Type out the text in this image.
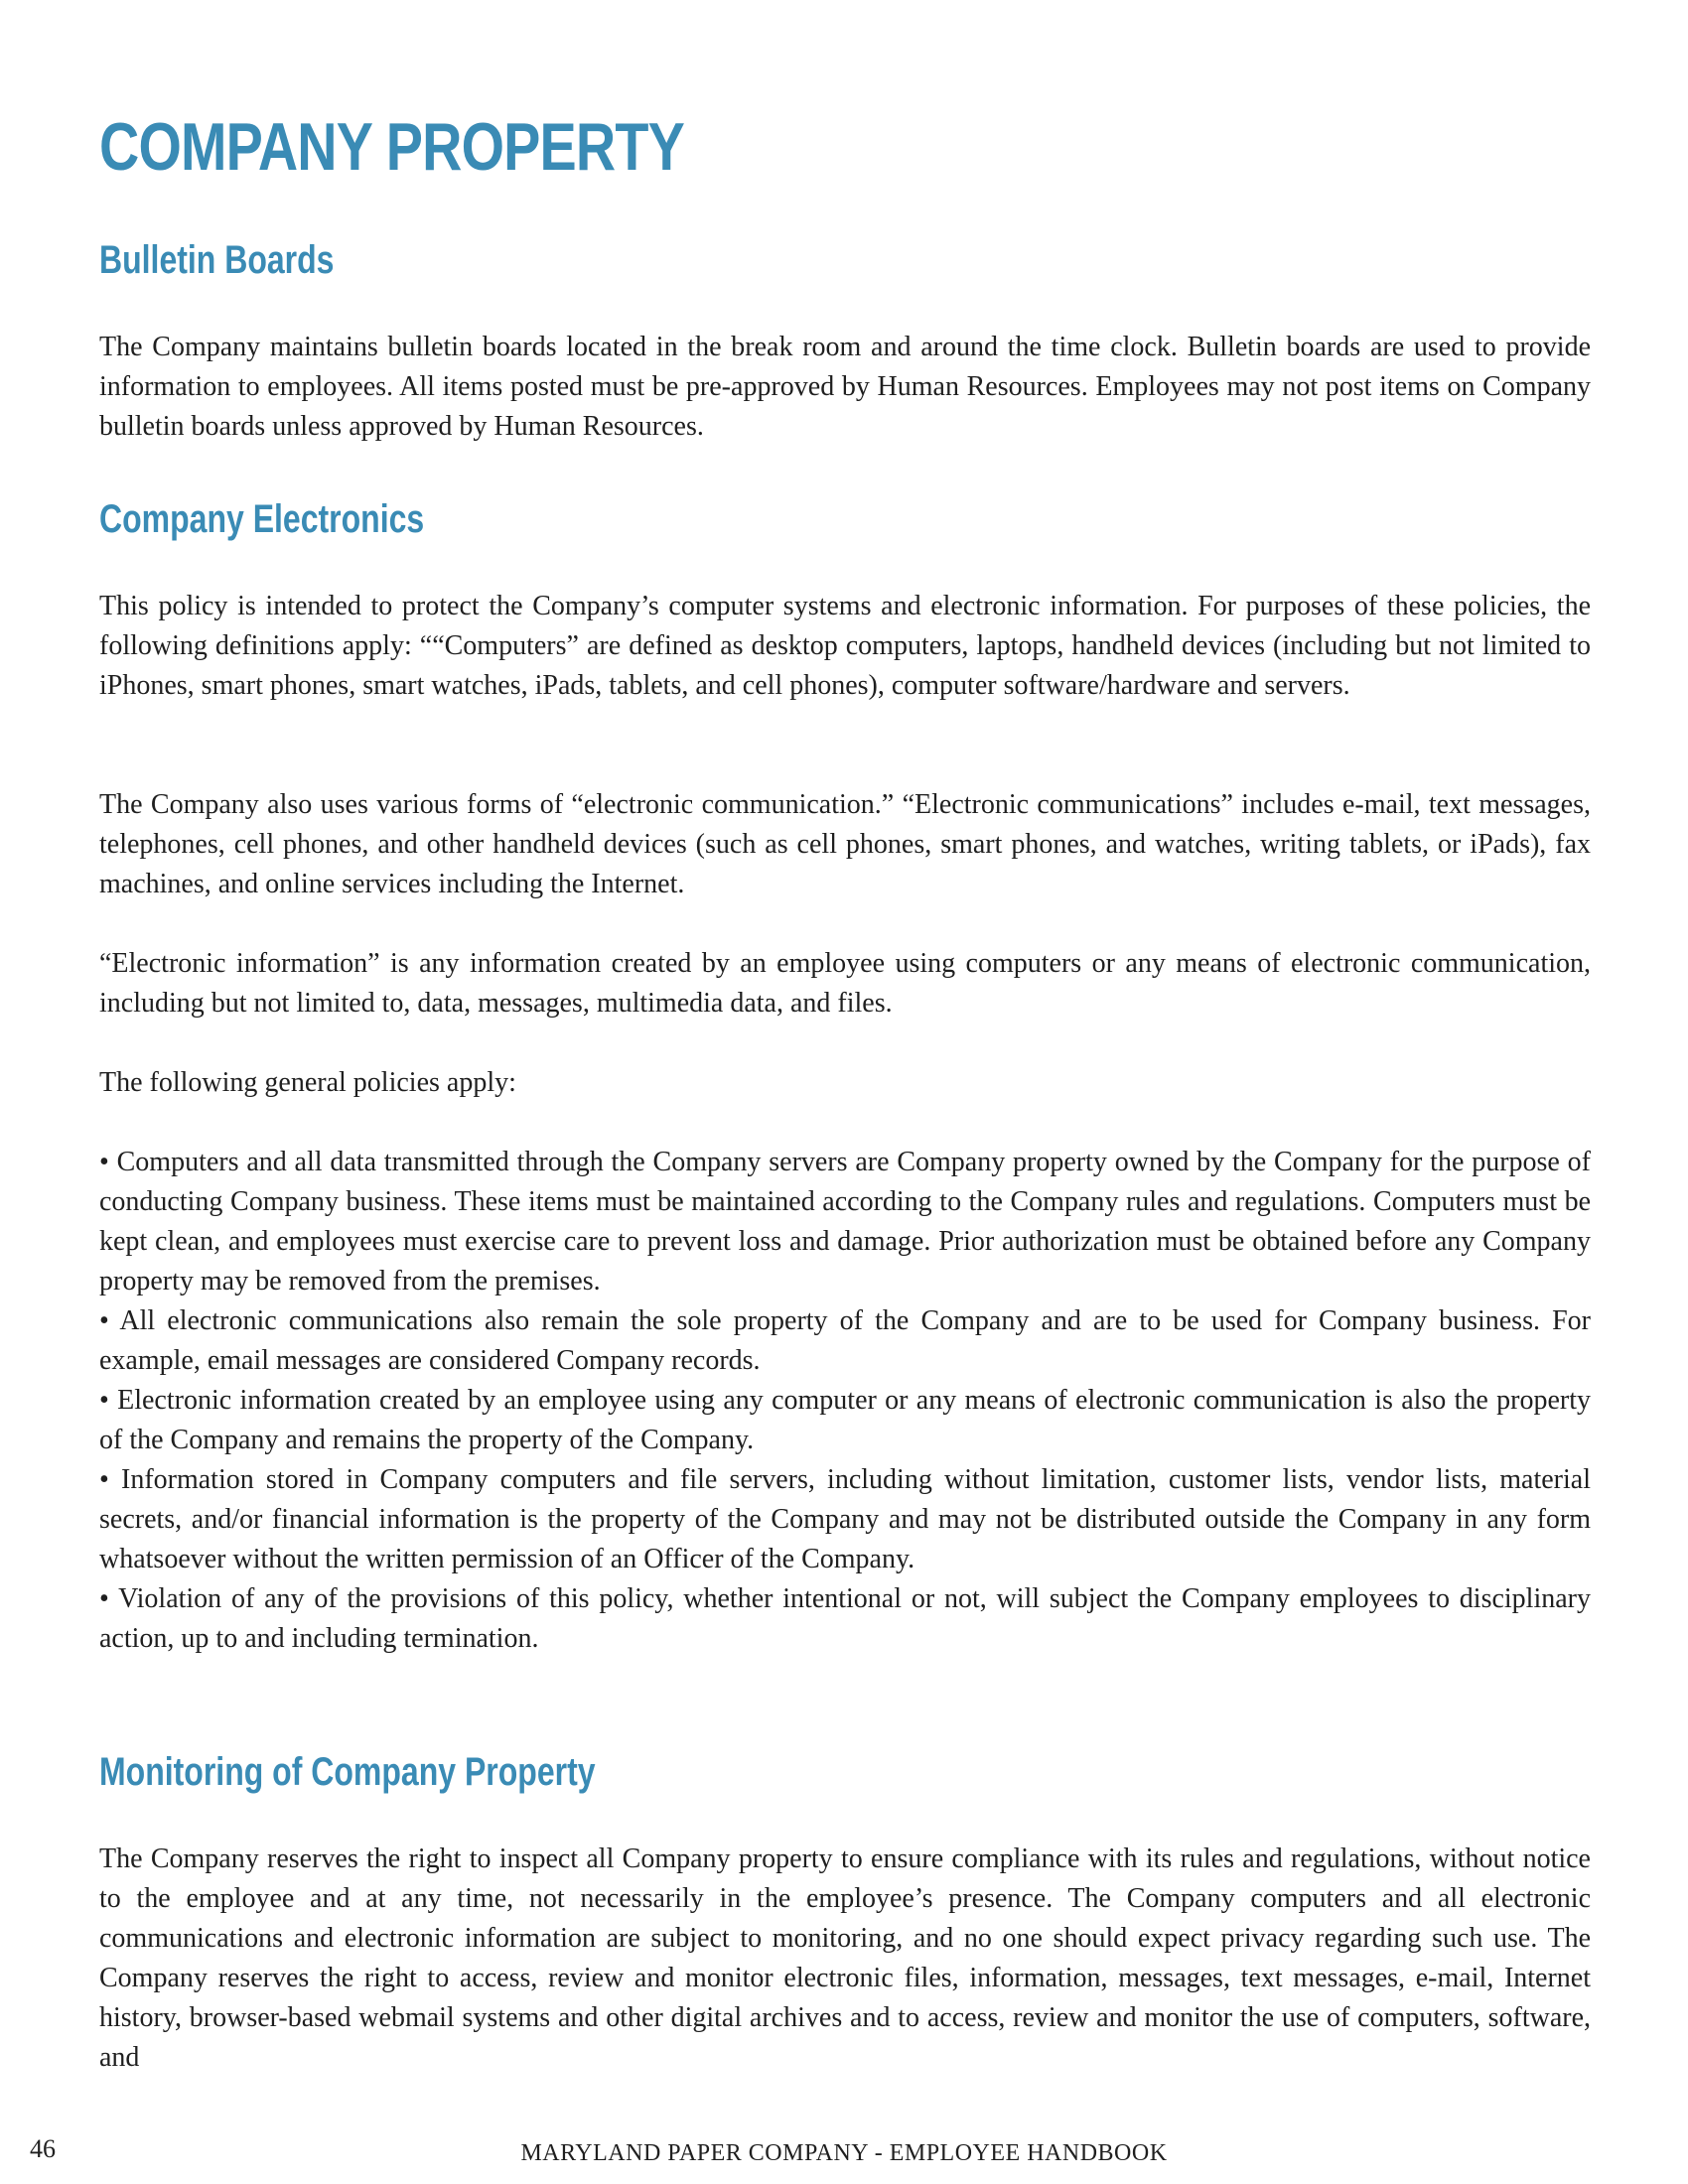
COMPANY PROPERTY
Bulletin Boards

The Company maintains bulletin boards located in the break room and around the time clock. Bulletin boards are used to provide information to employees. All items posted must be pre-approved by Human Resources. Employees may not post items on Company bulletin boards unless approved by Human Resources.

Company Electronics

This policy is intended to protect the Company’s computer systems and electronic information. For purposes of these policies, the following definitions apply: ““Computers” are defined as desktop computers, laptops, handheld devices (including but not limited to iPhones, smart phones, smart watches, iPads, tablets, and cell phones), computer software/hardware and servers.

The Company also uses various forms of “electronic communication.” “Electronic communications” includes e-mail, text messages, telephones, cell phones, and other handheld devices (such as cell phones, smart phones, and watches, writing tablets, or iPads), fax machines, and online services including the Internet.

“Electronic information” is any information created by an employee using computers or any means of electronic communication, including but not limited to, data, messages, multimedia data, and files.

The following general policies apply:

• Computers and all data transmitted through the Company servers are Company property owned by the Company for the purpose of conducting Company business. These items must be maintained according to the Company rules and regulations. Computers must be kept clean, and employees must exercise care to prevent loss and damage. Prior authorization must be obtained before any Company property may be removed from the premises.

• All electronic communications also remain the sole property of the Company and are to be used for Company business. For example, email messages are considered Company records.

• Electronic information created by an employee using any computer or any means of electronic communication is also the property of the Company and remains the property of the Company.

• Information stored in Company computers and file servers, including without limitation, customer lists, vendor lists, material secrets, and/or financial information is the property of the Company and may not be distributed outside the Company in any form whatsoever without the written permission of an Officer of the Company.

• Violation of any of the provisions of this policy, whether intentional or not, will subject the Company employees to disciplinary action, up to and including termination.

Monitoring of Company Property

The Company reserves the right to inspect all Company property to ensure compliance with its rules and regulations, without notice to the employee and at any time, not necessarily in the employee’s presence. The Company computers and all electronic communications and electronic information are subject to monitoring, and no one should expect privacy regarding such use. The Company reserves the right to access, review and monitor electronic files, information, messages, text messages, e-mail, Internet history, browser-based webmail systems and other digital archives and to access, review and monitor the use of computers, software, and

46	MARYLAND PAPER COMPANY - EMPLOYEE HANDBOOK
